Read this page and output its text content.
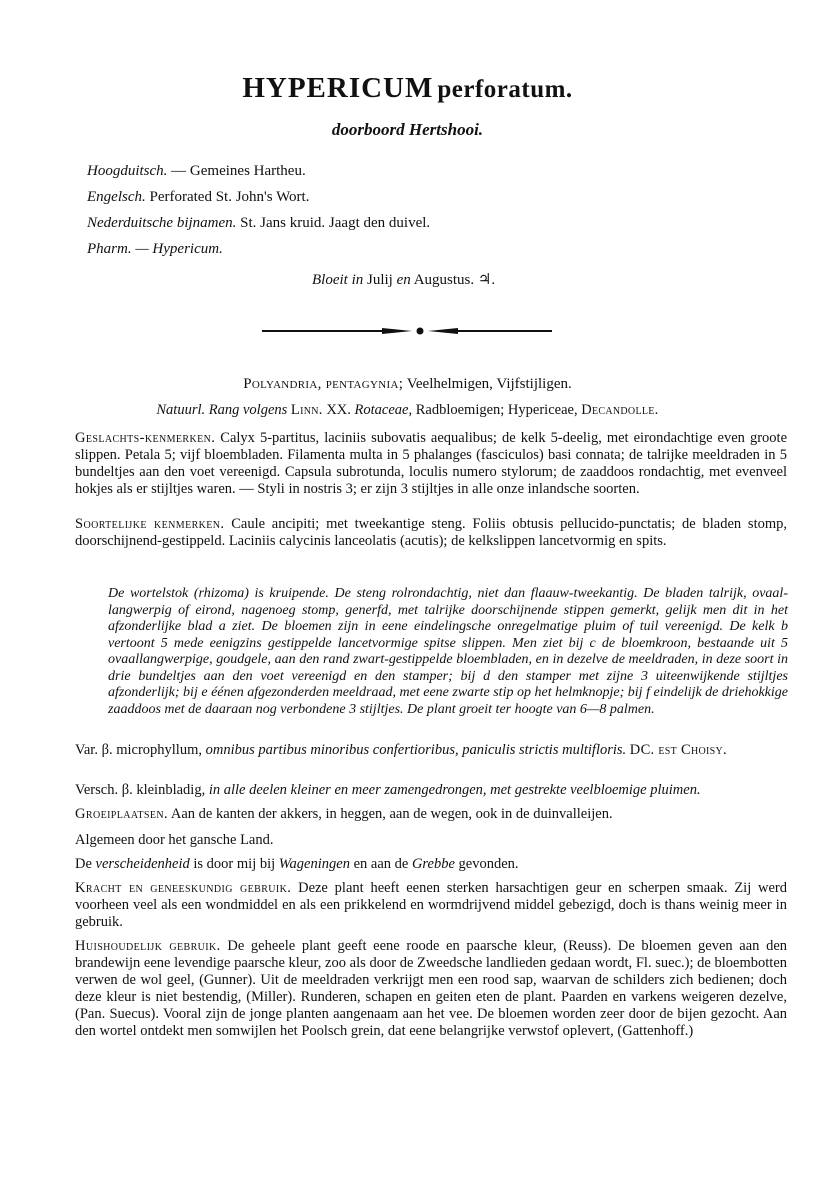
HYPERICUM perforatum.
doorboord Hertshooi.
Hoogduitsch. — Gemeines Hartheu.
Engelsch. Perforated St. John's Wort.
Nederduitsche bijnamen. St. Jans kruid. Jaagt den duivel.
Pharm. — Hypericum.
Bloeit in Julij en Augustus. ♃.
Polyandria, pentagynia; Veelhelmigen, Vijfstijligen.
Natuurl. Rang volgens Linn. XX. Rotaceae, Radbloemigen; Hypericeae, Decandolle.

Geslachts-kenmerken. Calyx 5-partitus, laciniis subovatis aequalibus; de kelk 5-deelig, met eirondachtige even groote slippen. Petala 5; vijf bloembladen. Filamenta multa in 5 phalanges (fasciculos) basi connata; de talrijke meeldraden in 5 bundeltjes aan den voet vereenigd. Capsula subrotunda, loculis numero stylorum; de zaaddoos rondachtig, met evenveel hokjes als er stijltjes waren. — Styli in nostris 3; er zijn 3 stijltjes in alle onze inlandsche soorten.

Soortelijke kenmerken. Caule ancipiti; met tweekantige steng. Foliis obtusis pellucido-punctatis; de bladen stomp, doorschijnend-gestippeld. Laciniis calycinis lanceolatis (acutis); de kelkslippen lancetvormig en spits.

De wortelstok (rhizoma) is kruipende. De steng rolrondachtig, niet dan flaauw-tweekantig. De bladen talrijk, ovaal-langwerpig of eirond, nagenoeg stomp, generfd, met talrijke doorschijnende stippen gemerkt, gelijk men dit in het afzonderlijke blad a ziet. De bloemen zijn in eene eindelingsche onregelmatige pluim of tuil vereenigd. De kelk b vertoont 5 mede eenigzins gestippelde lancetvormige spitse slippen. Men ziet bij c de bloemkroon, bestaande uit 5 ovaallangwerpige, goudgele, aan den rand zwart-gestippelde bloembladen, en in dezelve de meeldraden, in deze soort in drie bundeltjes aan den voet vereenigd en den stamper; bij d den stamper met zijne 3 uiteenwijkende stijltjes afzonderlijk; bij e éénen afgezonderden meeldraad, met eene zwarte stip op het helmknopje; bij f eindelijk de driehokkige zaaddoos met de daaraan nog verbondene 3 stijltjes. De plant groeit ter hoogte van 6—8 palmen.

Var. β. microphyllum, omnibus partibus minoribus confertioribus, paniculis strictis multifloris. DC. est Choisy.

Versch. β. kleinbladig, in alle deelen kleiner en meer zamengedrongen, met gestrekte veelbloemige pluimen.

Groeiplaatsen. Aan de kanten der akkers, in heggen, aan de wegen, ook in de duinvalleijen.

Algemeen door het gansche Land.

De verscheidenheid is door mij bij Wageningen en aan de Grebbe gevonden.

Kracht en geneeskundig gebruik. Deze plant heeft eenen sterken harsachtigen geur en scherpen smaak. Zij werd voorheen veel als een wondmiddel en als een prikkelend en wormdrijvend middel gebezigd, doch is thans weinig meer in gebruik.

Huishoudelijk gebruik. De geheele plant geeft eene roode en paarsche kleur, (Reuss). De bloemen geven aan den brandewijn eene levendige paarsche kleur, zoo als door de Zweedsche landlieden gedaan wordt, Fl. suec.); de bloembotten verwen de wol geel, (Gunner). Uit de meeldraden verkrijgt men een rood sap, waarvan de schilders zich bedienen; doch deze kleur is niet bestendig, (Miller). Runderen, schapen en geiten eten de plant. Paarden en varkens weigeren dezelve, (Pan. Suecus). Vooral zijn de jonge planten aangenaam aan het vee. De bloemen worden zeer door de bijen gezocht. Aan den wortel ontdekt men somwijlen het Poolsch grein, dat eene belangrijke verwstof oplevert, (Gattenhoff.)
